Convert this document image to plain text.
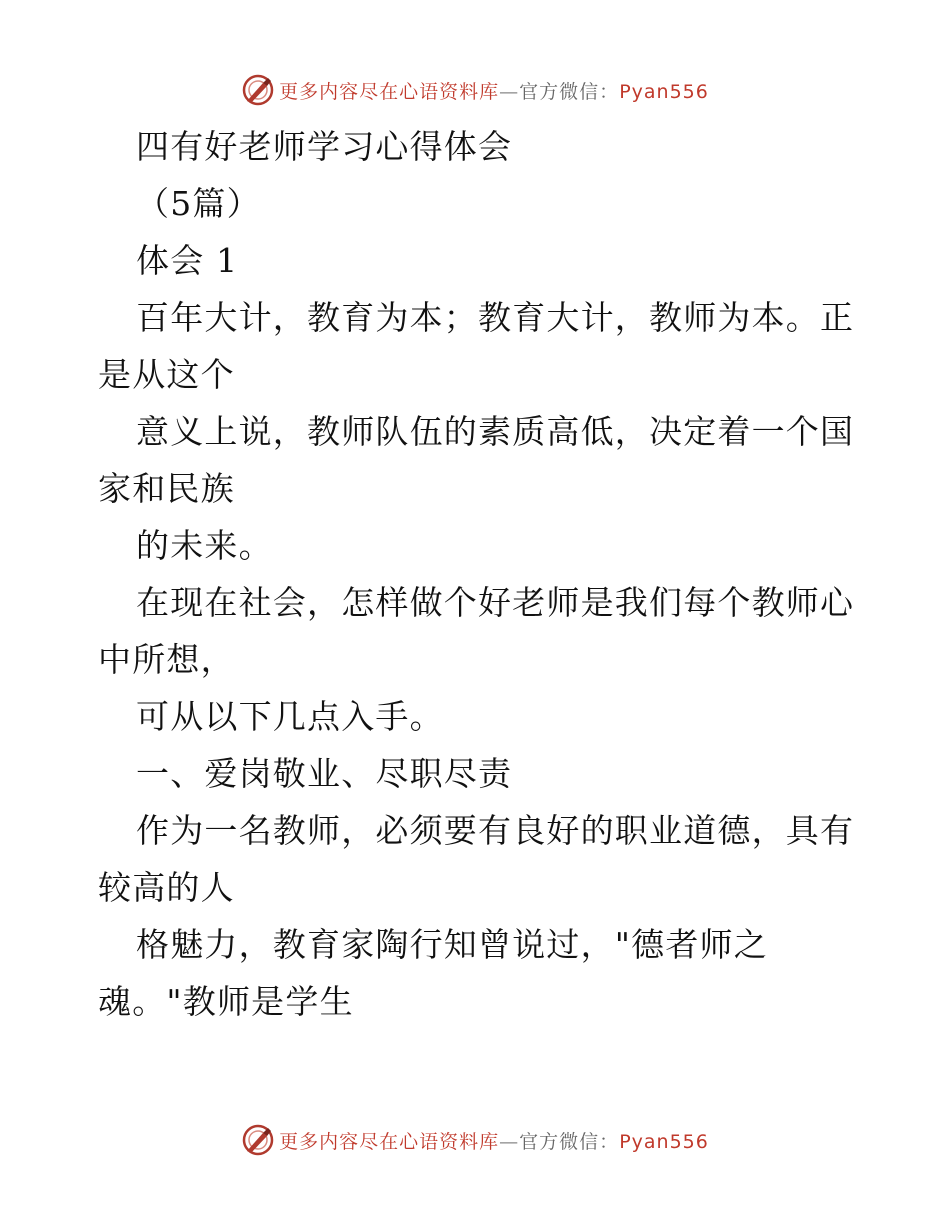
更多内容尽在心语资料库—官方微信：Pyan556
四有好老师学习心得体会
（5篇）
体会 1
百年大计，教育为本；教育大计，教师为本。正
是从这个
意义上说，教师队伍的素质高低，决定着一个国
家和民族
的未来。
在现在社会，怎样做个好老师是我们每个教师心
中所想，
可从以下几点入手。
一、爱岗敬业、尽职尽责
作为一名教师，必须要有良好的职业道德，具有
较高的人
格魅力，教育家陶行知曾说过，"德者师之
魂。"教师是学生
更多内容尽在心语资料库—官方微信：Pyan556
